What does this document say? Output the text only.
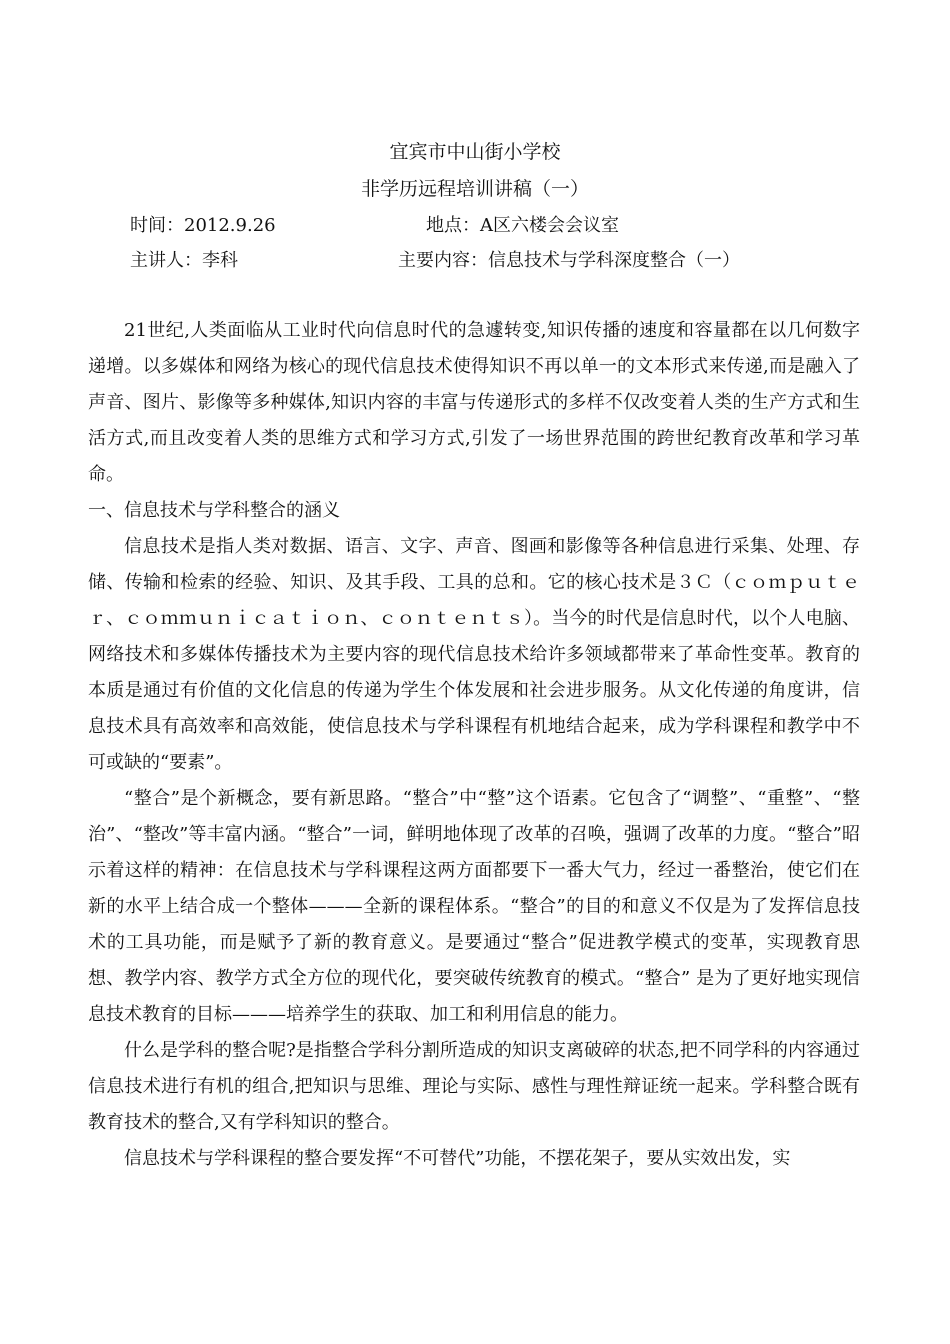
宜宾市中山街小学校
非学历远程培训讲稿（一）
时间：2012.9.26	地点：A区六楼会会议室
主讲人：李科	主要内容：信息技术与学科深度整合（一）

21世纪,人类面临从工业时代向信息时代的急遽转变,知识传播的速度和容量都在以几何数字递增。以多媒体和网络为核心的现代信息技术使得知识不再以单一的文本形式来传递,而是融入了声音、图片、影像等多种媒体,知识内容的丰富与传递形式的多样不仅改变着人类的生产方式和生活方式,而且改变着人类的思维方式和学习方式,引发了一场世界范围的跨世纪教育改革和学习革命。

一、信息技术与学科整合的涵义

信息技术是指人类对数据、语言、文字、声音、图画和影像等各种信息进行采集、处理、存储、传输和检索的经验、知识、及其手段、工具的总和。它的核心技术是３Ｃ（ｃｏｍｐｕｔｅｒ、ｃｏｍｍｕｎｉｃａｔｉｏｎ、ｃｏｎｔｅｎｔｓ）。当今的时代是信息时代，以个人电脑、网络技术和多媒体传播技术为主要内容的现代信息技术给许多领域都带来了革命性变革。教育的本质是通过有价值的文化信息的传递为学生个体发展和社会进步服务。从文化传递的角度讲，信息技术具有高效率和高效能，使信息技术与学科课程有机地结合起来，成为学科课程和教学中不可或缺的“要素”。

“整合”是个新概念，要有新思路。“整合”中“整”这个语素。它包含了“调整”、“重整”、“整治”、“整改”等丰富内涵。“整合”一词，鲜明地体现了改革的召唤，强调了改革的力度。“整合”昭示着这样的精神：在信息技术与学科课程这两方面都要下一番大气力，经过一番整治，使它们在新的水平上结合成一个整体———全新的课程体系。“整合”的目的和意义不仅是为了发挥信息技术的工具功能，而是赋予了新的教育意义。是要通过“整合”促进教学模式的变革，实现教育思想、教学内容、教学方式全方位的现代化，要突破传统教育的模式。“整合” 是为了更好地实现信息技术教育的目标———培养学生的获取、加工和利用信息的能力。

什么是学科的整合呢?是指整合学科分割所造成的知识支离破碎的状态,把不同学科的内容通过信息技术进行有机的组合,把知识与思维、理论与实际、感性与理性辩证统一起来。学科整合既有教育技术的整合,又有学科知识的整合。

信息技术与学科课程的整合要发挥“不可替代”功能，不摆花架子，要从实效出发，实
